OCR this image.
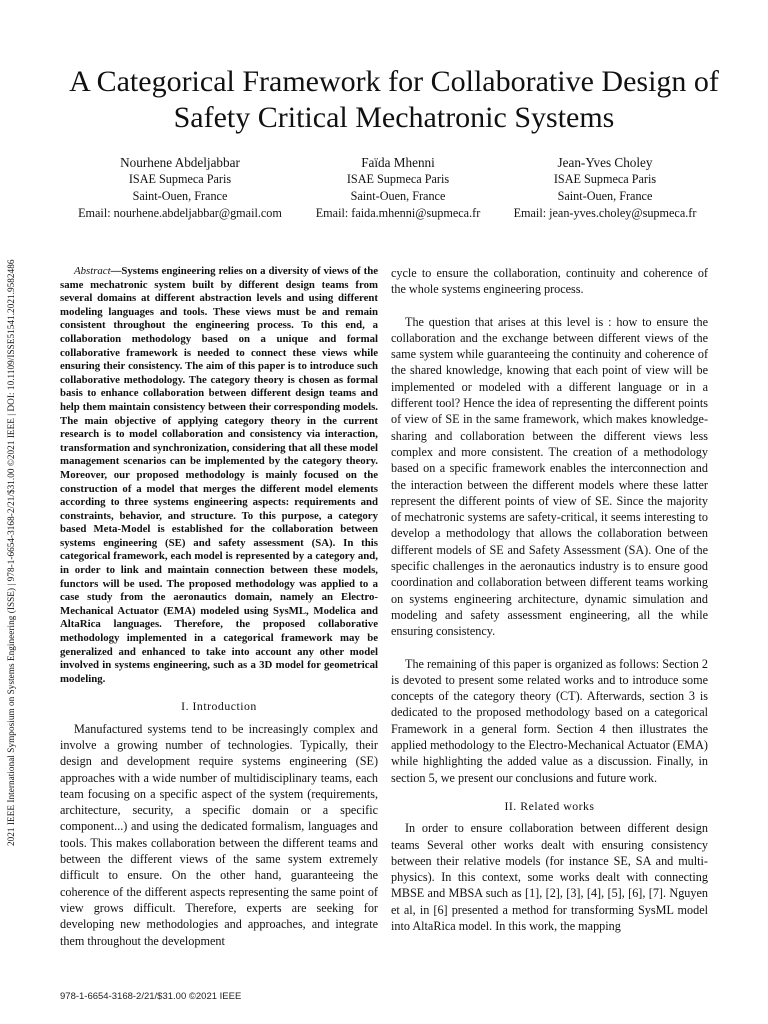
2021 IEEE International Symposium on Systems Engineering (ISSE) | 978-1-6654-3168-2/21/$31.00 ©2021 IEEE | DOI: 10.1109/ISSE51541.2021.9582486
A Categorical Framework for Collaborative Design of Safety Critical Mechatronic Systems
Nourhene Abdeljabbar
ISAE Supmeca Paris
Saint-Ouen, France
Email: nourhene.abdeljabbar@gmail.com
Faïda Mhenni
ISAE Supmeca Paris
Saint-Ouen, France
Email: faida.mhenni@supmeca.fr
Jean-Yves Choley
ISAE Supmeca Paris
Saint-Ouen, France
Email: jean-yves.choley@supmeca.fr

Abstract—Systems engineering relies on a diversity of views of the same mechatronic system built by different design teams from several domains at different abstraction levels and using different modeling languages and tools. These views must be and remain consistent throughout the engineering process. To this end, a collaboration methodology based on a unique and formal collaborative framework is needed to connect these views while ensuring their consistency. The aim of this paper is to introduce such collaborative methodology. The category theory is chosen as formal basis to enhance collaboration between different design teams and help them maintain consistency between their corresponding models. The main objective of applying category theory in the current research is to model collaboration and consistency via interaction, transformation and synchronization, considering that all these model management scenarios can be implemented by the category theory. Moreover, our proposed methodology is mainly focused on the construction of a model that merges the different model elements according to three systems engineering aspects: requirements and constraints, behavior, and structure. To this purpose, a category based Meta-Model is established for the collaboration between systems engineering (SE) and safety assessment (SA). In this categorical framework, each model is represented by a category and, in order to link and maintain connection between these models, functors will be used. The proposed methodology was applied to a case study from the aeronautics domain, namely an Electro-Mechanical Actuator (EMA) modeled using SysML, Modelica and AltaRica languages. Therefore, the proposed collaborative methodology implemented in a categorical framework may be generalized and enhanced to take into account any other model involved in systems engineering, such as a 3D model for geometrical modeling.

I. Introduction

Manufactured systems tend to be increasingly complex and involve a growing number of technologies. Typically, their design and development require systems engineering (SE) approaches with a wide number of multidisciplinary teams, each team focusing on a specific aspect of the system (requirements, architecture, security, a specific domain or a specific component...) and using the dedicated formalism, languages and tools. This makes collaboration between the different teams and between the different views of the same system extremely difficult to ensure. On the other hand, guaranteeing the coherence of the different aspects representing the same point of view grows difficult. Therefore, experts are seeking for developing new methodologies and approaches, and integrate them throughout the development

cycle to ensure the collaboration, continuity and coherence of the whole systems engineering process.

The question that arises at this level is : how to ensure the collaboration and the exchange between different views of the same system while guaranteeing the continuity and coherence of the shared knowledge, knowing that each point of view will be implemented or modeled with a different language or in a different tool? Hence the idea of representing the different points of view of SE in the same framework, which makes knowledge-sharing and collaboration between the different views less complex and more consistent. The creation of a methodology based on a specific framework enables the interconnection and the interaction between the different models where these latter represent the different points of view of SE. Since the majority of mechatronic systems are safety-critical, it seems interesting to develop a methodology that allows the collaboration between different models of SE and Safety Assessment (SA). One of the specific challenges in the aeronautics industry is to ensure good coordination and collaboration between different teams working on systems engineering architecture, dynamic simulation and modeling and safety assessment engineering, all the while ensuring consistency.

The remaining of this paper is organized as follows: Section 2 is devoted to present some related works and to introduce some concepts of the category theory (CT). Afterwards, section 3 is dedicated to the proposed methodology based on a categorical Framework in a general form. Section 4 then illustrates the applied methodology to the Electro-Mechanical Actuator (EMA) while highlighting the added value as a discussion. Finally, in section 5, we present our conclusions and future work.

II. Related works

In order to ensure collaboration between different design teams Several other works dealt with ensuring consistency between their relative models (for instance SE, SA and multi-physics). In this context, some works dealt with connecting MBSE and MBSA such as [1], [2], [3], [4], [5], [6], [7]. Nguyen et al, in [6] presented a method for transforming SysML model into AltaRica model. In this work, the mapping

978-1-6654-3168-2/21/$31.00 ©2021 IEEE
